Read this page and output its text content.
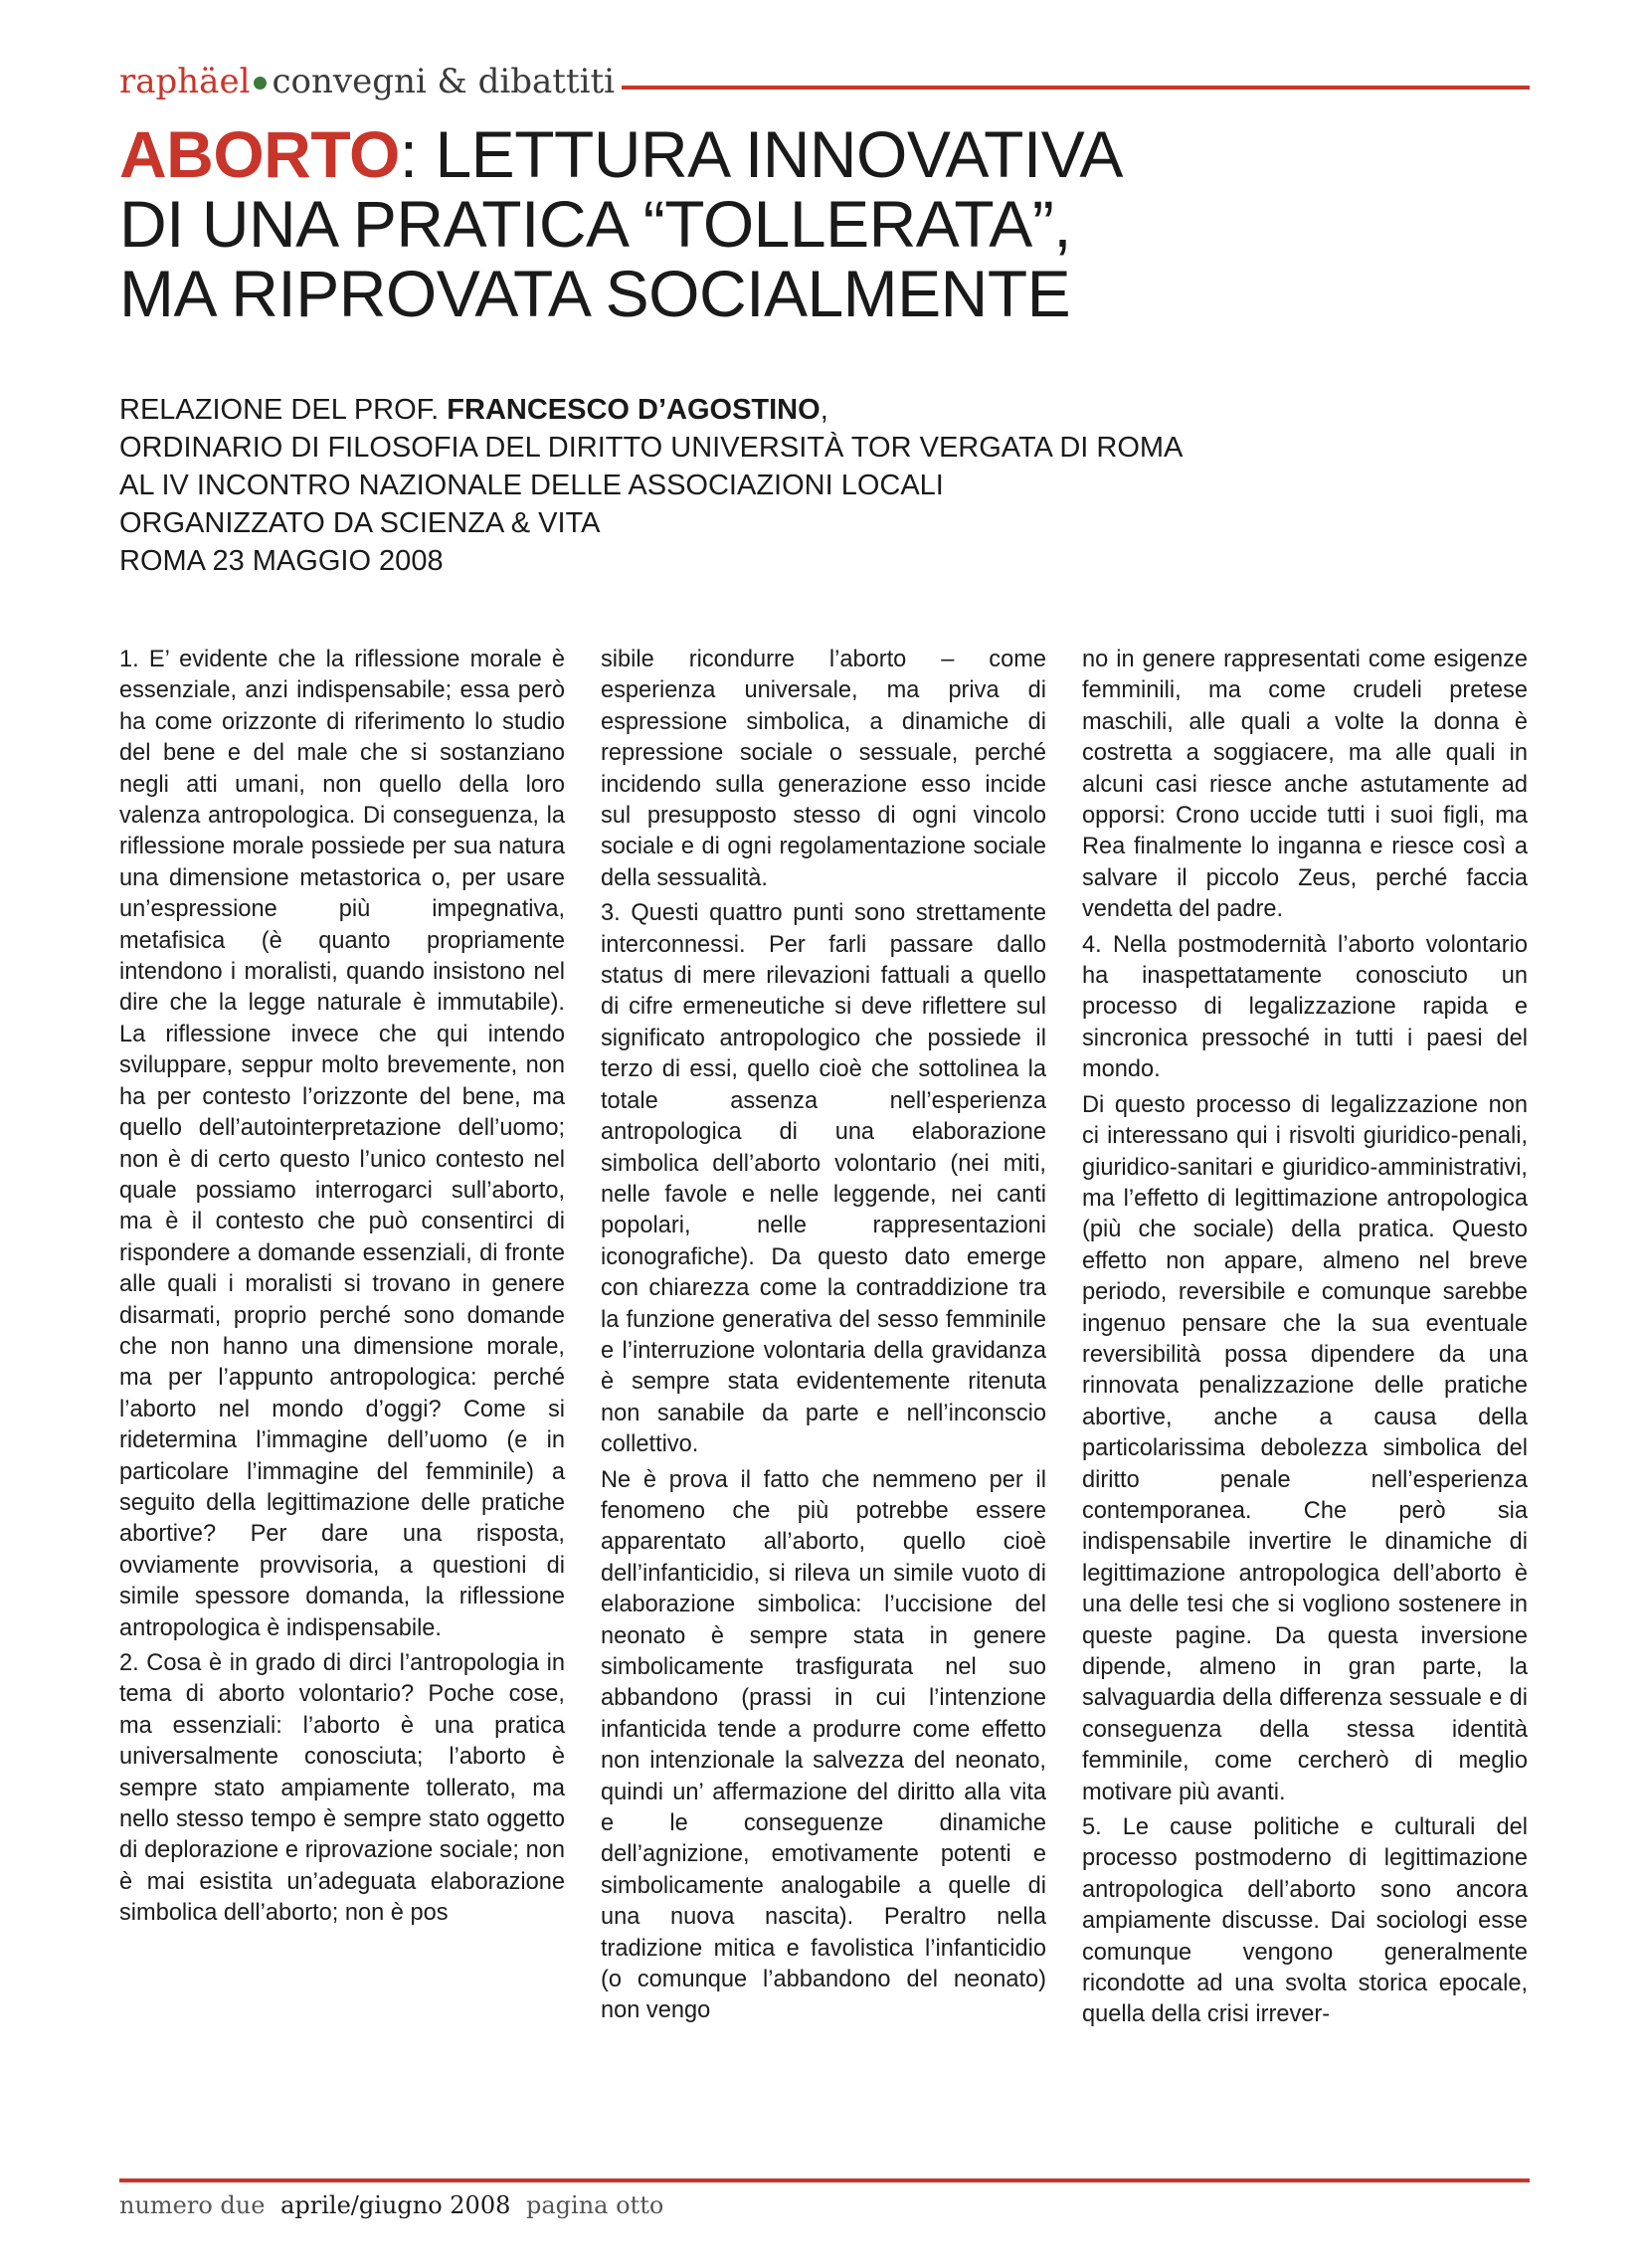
raphäel convegni & dibattiti
ABORTO: LETTURA INNOVATIVA
DI UNA PRATICA “TOLLERATA”,
MA RIPROVATA SOCIALMENTE
RELAZIONE DEL PROF. FRANCESCO D’AGOSTINO,
ORDINARIO DI FILOSOFIA DEL DIRITTO UNIVERSITÀ TOR VERGATA DI ROMA
AL IV INCONTRO NAZIONALE DELLE ASSOCIAZIONI LOCALI
ORGANIZZATO DA SCIENZA & VITA
ROMA 23 MAGGIO 2008

1. E’ evidente che la riflessione morale è essenziale, anzi indispensabile; essa però ha come orizzonte di riferimento lo studio del bene e del male che si sostanziano negli atti umani, non quello della loro valenza antropologica. Di conseguenza, la riflessione morale possiede per sua natura una dimensione metastorica o, per usare un’espressione più impegnativa, metafisica (è quanto propriamente intendono i moralisti, quando insistono nel dire che la legge naturale è immutabile). La riflessione invece che qui intendo sviluppare, seppur molto brevemente, non ha per contesto l’orizzonte del bene, ma quello dell’autointerpretazione dell’uomo; non è di certo questo l’unico contesto nel quale possiamo interrogarci sull’aborto, ma è il contesto che può consentirci di rispondere a domande essenziali, di fronte alle quali i moralisti si trovano in genere disarmati, proprio perché sono domande che non hanno una dimensione morale, ma per l’appunto antropologica: perché l’aborto nel mondo d’oggi? Come si ridetermina l’immagine dell’uomo (e in particolare l’immagine del femminile) a seguito della legittimazione delle pratiche abortive? Per dare una risposta, ovviamente provvisoria, a questioni di simile spessore domanda, la riflessione antropologica è indispensabile.

2. Cosa è in grado di dirci l’antropologia in tema di aborto volontario? Poche cose, ma essenziali: l’aborto è una pratica universalmente conosciuta; l’aborto è sempre stato ampiamente tollerato, ma nello stesso tempo è sempre stato oggetto di deplorazione e riprovazione sociale; non è mai esistita un’adeguata elaborazione simbolica dell’aborto; non è pos

sibile ricondurre l’aborto – come esperienza universale, ma priva di espressione simbolica, a dinamiche di repressione sociale o sessuale, perché incidendo sulla generazione esso incide sul presupposto stesso di ogni vincolo sociale e di ogni regolamentazione sociale della sessualità.

3. Questi quattro punti sono strettamente interconnessi. Per farli passare dallo status di mere rilevazioni fattuali a quello di cifre ermeneutiche si deve riflettere sul significato antropologico che possiede il terzo di essi, quello cioè che sottolinea la totale assenza nell’esperienza antropologica di una elaborazione simbolica dell’aborto volontario (nei miti, nelle favole e nelle leggende, nei canti popolari, nelle rappresentazioni iconografiche). Da questo dato emerge con chiarezza come la contraddizione tra la funzione generativa del sesso femminile e l’interruzione volontaria della gravidanza è sempre stata evidentemente ritenuta non sanabile da parte e nell’inconscio collettivo.

Ne è prova il fatto che nemmeno per il fenomeno che più potrebbe essere apparentato all’aborto, quello cioè dell’infanticidio, si rileva un simile vuoto di elaborazione simbolica: l’uccisione del neonato è sempre stata in genere simbolicamente trasfigurata nel suo abbandono (prassi in cui l’intenzione infanticida tende a produrre come effetto non intenzionale la salvezza del neonato, quindi un’ affermazione del diritto alla vita e le conseguenze dinamiche dell’agnizione, emotivamente potenti e simbolicamente analogabile a quelle di una nuova nascita). Peraltro nella tradizione mitica e favolistica l’infanticidio (o comunque l’abbandono del neonato) non vengo

no in genere rappresentati come esigenze femminili, ma come crudeli pretese maschili, alle quali a volte la donna è costretta a soggiacere, ma alle quali in alcuni casi riesce anche astutamente ad opporsi: Crono uccide tutti i suoi figli, ma Rea finalmente lo inganna e riesce così a salvare il piccolo Zeus, perché faccia vendetta del padre.

4. Nella postmodernità l’aborto volontario ha inaspettatamente conosciuto un processo di legalizzazione rapida e sincronica pressoché in tutti i paesi del mondo.

Di questo processo di legalizzazione non ci interessano qui i risvolti giuridico-penali, giuridico-sanitari e giuridico-amministrativi, ma l’effetto di legittimazione antropologica (più che sociale) della pratica. Questo effetto non appare, almeno nel breve periodo, reversibile e comunque sarebbe ingenuo pensare che la sua eventuale reversibilità possa dipendere da una rinnovata penalizzazione delle pratiche abortive, anche a causa della particolarissima debolezza simbolica del diritto penale nell’esperienza contemporanea. Che però sia indispensabile invertire le dinamiche di legittimazione antropologica dell’aborto è una delle tesi che si vogliono sostenere in queste pagine. Da questa inversione dipende, almeno in gran parte, la salvaguardia della differenza sessuale e di conseguenza della stessa identità femminile, come cercherò di meglio motivare più avanti.

5. Le cause politiche e culturali del processo postmoderno di legittimazione antropologica dell’aborto sono ancora ampiamente discusse. Dai sociologi esse comunque vengono generalmente ricondotte ad una svolta storica epocale, quella della crisi irrever-

numero due aprile/giugno 2008 pagina otto
